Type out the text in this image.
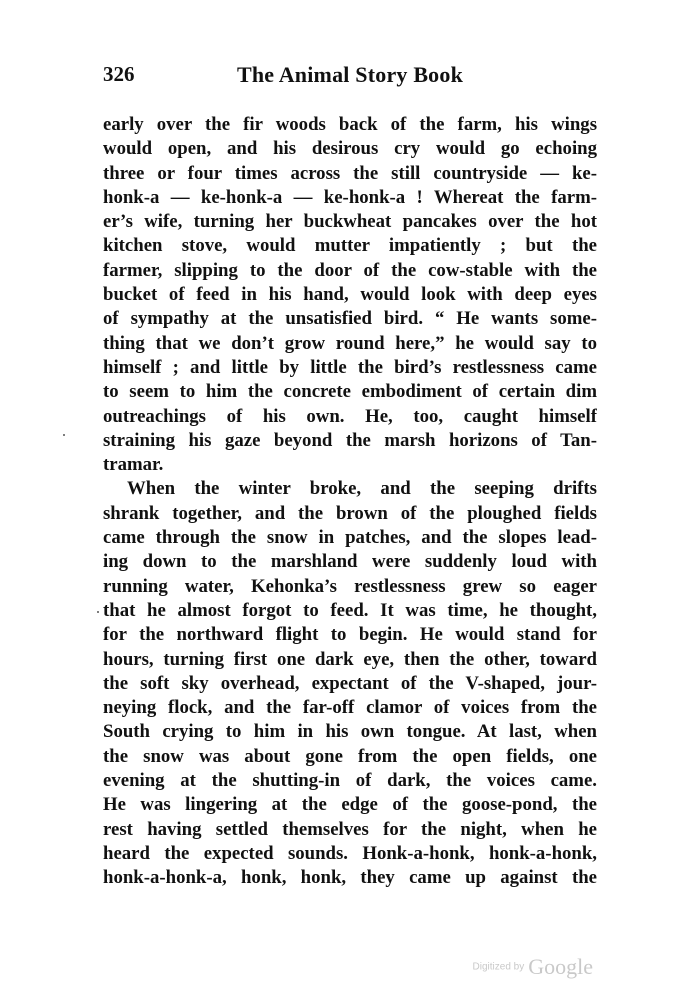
326	The Animal Story Book
early over the fir woods back of the farm, his wings
would open, and his desirous cry would go echoing
three or four times across the still countryside — ke-
honk-a — ke-honk-a — ke-honk-a ! Whereat the farm-
er’s wife, turning her buckwheat pancakes over the hot
kitchen stove, would mutter impatiently ; but the
farmer, slipping to the door of the cow-stable with the
bucket of feed in his hand, would look with deep eyes
of sympathy at the unsatisfied bird. “ He wants some-
thing that we don’t grow round here,” he would say to
himself ; and little by little the bird’s restlessness came
to seem to him the concrete embodiment of certain dim
outreachings of his own. He, too, caught himself
straining his gaze beyond the marsh horizons of Tan-
tramar.
When the winter broke, and the seeping drifts
shrank together, and the brown of the ploughed fields
came through the snow in patches, and the slopes lead-
ing down to the marshland were suddenly loud with
running water, Kehonka’s restlessness grew so eager
that he almost forgot to feed. It was time, he thought,
for the northward flight to begin. He would stand for
hours, turning first one dark eye, then the other, toward
the soft sky overhead, expectant of the V-shaped, jour-
neying flock, and the far-off clamor of voices from the
South crying to him in his own tongue. At last, when
the snow was about gone from the open fields, one
evening at the shutting-in of dark, the voices came.
He was lingering at the edge of the goose-pond, the
rest having settled themselves for the night, when he
heard the expected sounds. Honk-a-honk, honk-a-honk,
honk-a-honk-a, honk, honk, they came up against the
Digitized by Google
